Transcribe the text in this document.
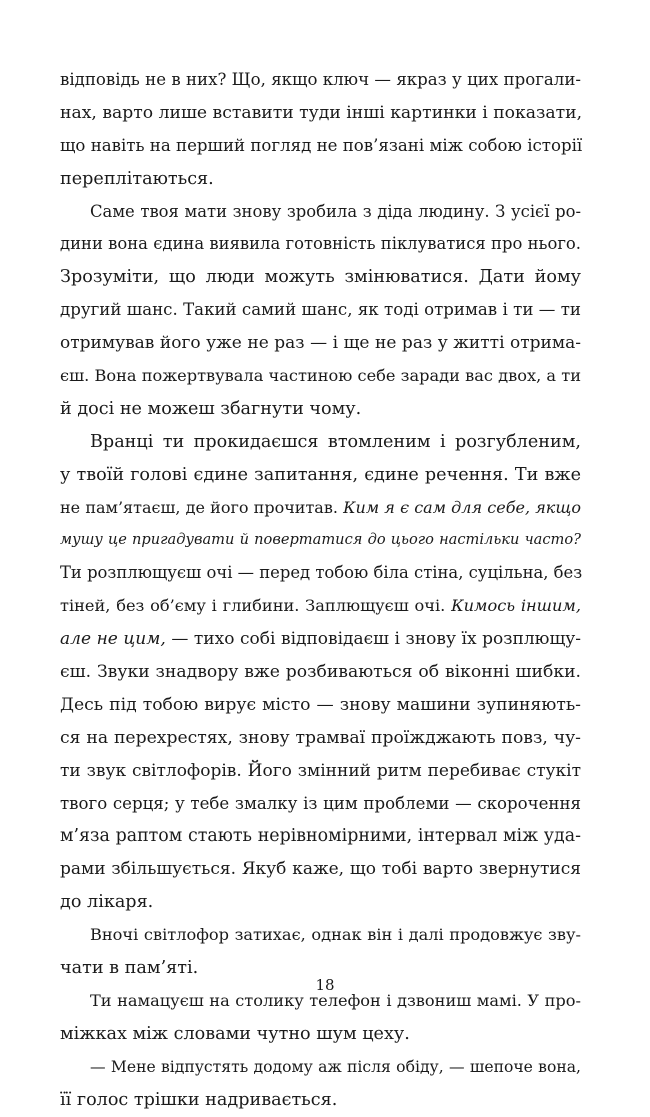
відповідь не в них? Що, якщо ключ — якраз у цих прогали-
нах, варто лише вставити туди інші картинки і показати,
що навіть на перший погляд не пов’язані між собою історії
переплітаються.
Саме твоя мати знову зробила з діда людину. З усієї ро-
дини вона єдина виявила готовність піклуватися про нього.
Зрозуміти, що люди можуть змінюватися. Дати йому
другий шанс. Такий самий шанс, як тоді отримав і ти — ти
отримував його уже не раз — і ще не раз у житті отрима-
єш. Вона пожертвувала частиною себе заради вас двох, а ти
й досі не можеш збагнути чому.
Вранці ти прокидаєшся втомленим і розгубленим,
у твоїй голові єдине запитання, єдине речення. Ти вже
не пам’ятаєш, де його прочитав. Ким я є сам для себе, якщо
мушу це пригадувати й повертатися до цього настільки часто?
Ти розплющуєш очі — перед тобою біла стіна, суцільна, без
тіней, без об’єму і глибини. Заплющуєш очі. Кимось іншим,
але не цим, — тихо собі відповідаєш і знову їх розплющу-
єш. Звуки знадвору вже розбиваються об віконні шибки.
Десь під тобою вирує місто — знову машини зупиняють-
ся на перехрестях, знову трамваї проїжджають повз, чу-
ти звук світлофорів. Його змінний ритм перебиває стукіт
твого серця; у тебе змалку із цим проблеми — скорочення
м’яза раптом стають нерівномірними, інтервал між уда-
рами збільшується. Якуб каже, що тобі варто звернутися
до лікаря.
Вночі світлофор затихає, однак він і далі продовжує зву-
чати в пам’яті.
Ти намацуєш на столику телефон і дзвониш мамі. У про-
міжках між словами чутно шум цеху.
— Мене відпустять додому аж після обіду, — шепоче вона,
її голос трішки надривається.
18
